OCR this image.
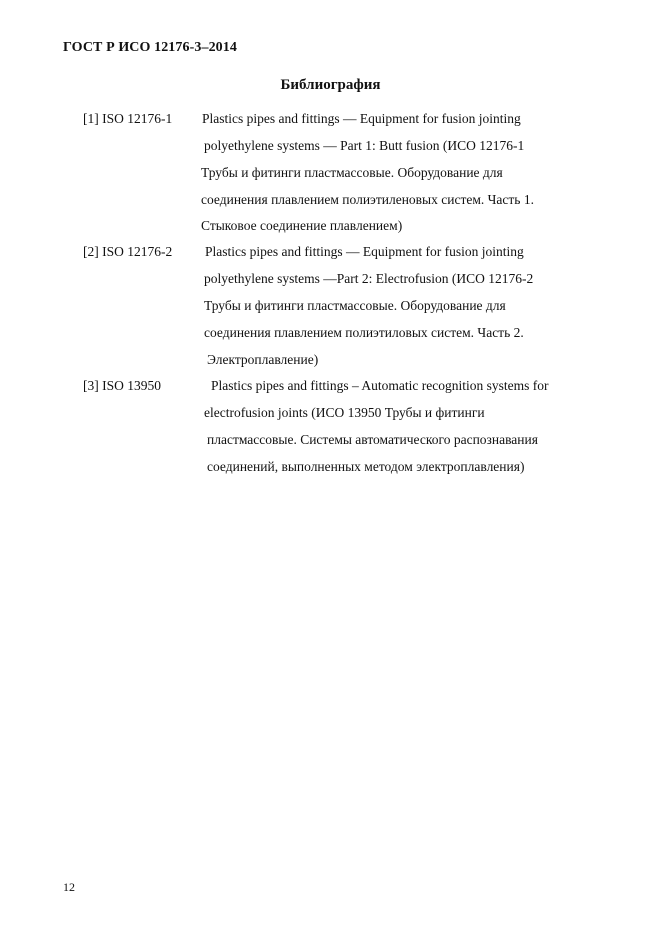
ГОСТ Р ИСО 12176-3–2014
Библиография
[1] ISO 12176-1 Plastics pipes and fittings — Equipment for fusion jointing
polyethylene systems — Part 1: Butt fusion (ИСО 12176-1
Трубы и фитинги пластмассовые. Оборудование для
соединения плавлением полиэтиленовых систем. Часть 1.
Стыковое соединение плавлением)
[2] ISO 12176-2 Plastics pipes and fittings — Equipment for fusion jointing
polyethylene systems —Part 2: Electrofusion (ИСО 12176-2
Трубы и фитинги пластмассовые. Оборудование для
соединения плавлением полиэтиловых систем. Часть 2.
Электроплавление)
[3] ISO 13950	Plastics pipes and fittings – Automatic recognition systems for
electrofusion joints (ИСО 13950 Трубы и фитинги
пластмассовые. Системы автоматического распознавания
соединений, выполненных методом электроплавления)
12
